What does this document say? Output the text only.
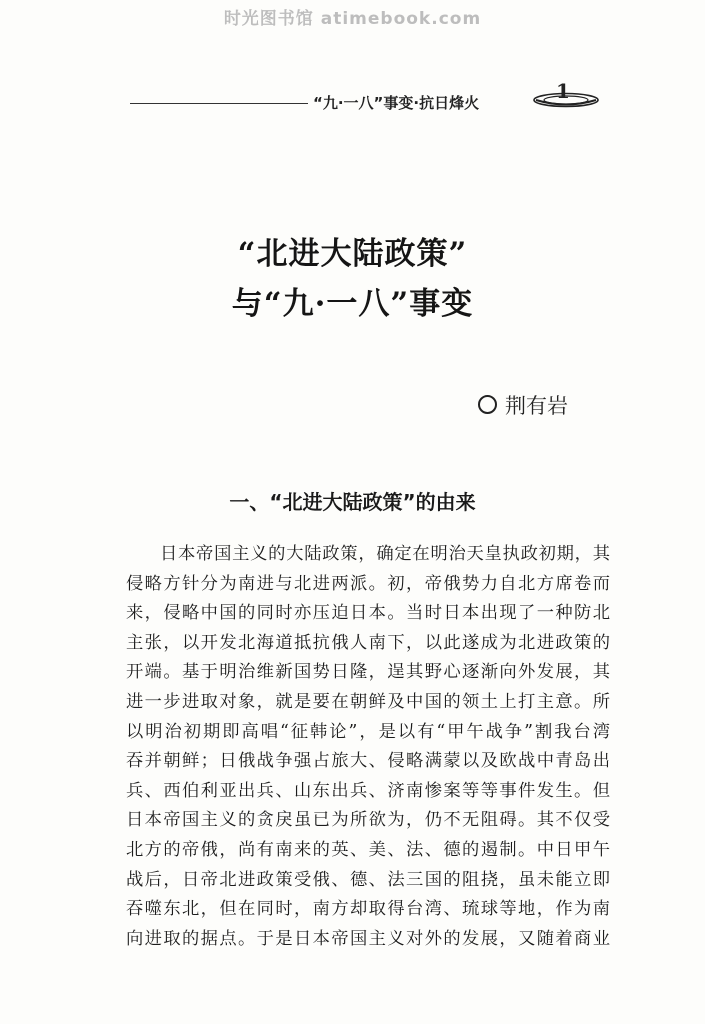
时光图书馆 atimebook.com
“九·一八”事变·抗日烽火	1
“北进大陆政策”
与“九·一八”事变
荆有岩
一、“北进大陆政策”的由来
日本帝国主义的大陆政策，确定在明治天皇执政初期，其
侵略方针分为南进与北进两派。初，帝俄势力自北方席卷而
来，侵略中国的同时亦压迫日本。当时日本出现了一种防北
主张，以开发北海道抵抗俄人南下，以此遂成为北进政策的
开端。基于明治维新国势日隆，逞其野心逐渐向外发展，其
进一步进取对象，就是要在朝鲜及中国的领土上打主意。所
以明治初期即高唱“征韩论”，是以有“甲午战争”割我台湾
吞并朝鲜；日俄战争强占旅大、侵略满蒙以及欧战中青岛出
兵、西伯利亚出兵、山东出兵、济南惨案等等事件发生。但
日本帝国主义的贪戾虽已为所欲为，仍不无阻碍。其不仅受
北方的帝俄，尚有南来的英、美、法、德的遏制。中日甲午
战后，日帝北进政策受俄、德、法三国的阻挠，虽未能立即
吞噬东北，但在同时，南方却取得台湾、琉球等地，作为南
向进取的据点。于是日本帝国主义对外的发展，又随着商业
